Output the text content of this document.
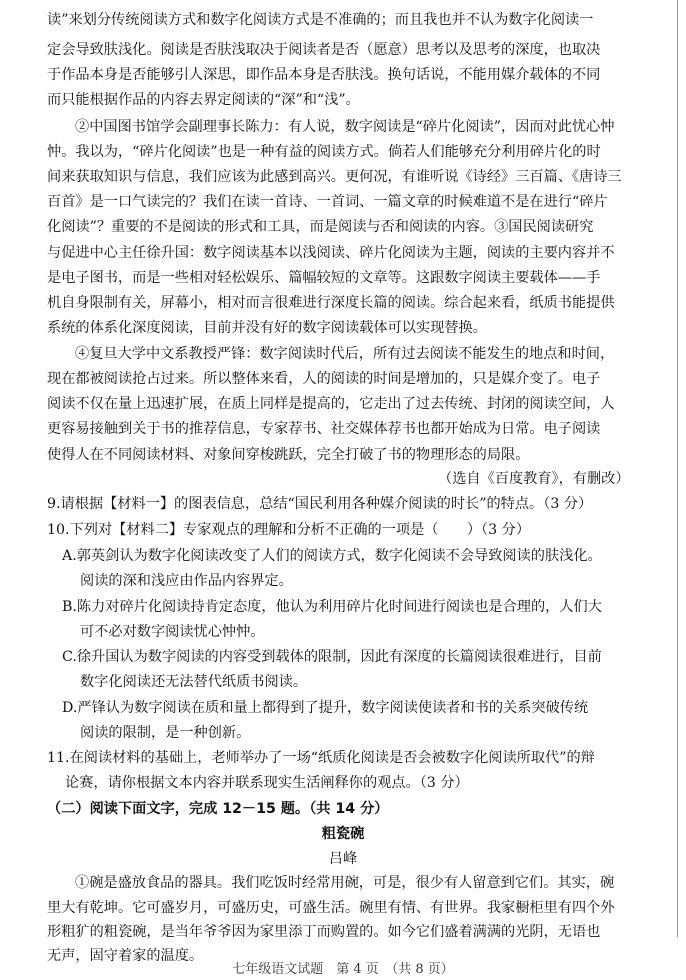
读”来划分传统阅读方式和数字化阅读方式是不准确的；而且我也并不认为数字化阅读一
定会导致肤浅化。阅读是否肤浅取决于阅读者是否（愿意）思考以及思考的深度，也取决
于作品本身是否能够引人深思，即作品本身是否肤浅。换句话说，不能用媒介载体的不同
而只能根据作品的内容去界定阅读的“深”和“浅”。
②中国图书馆学会副理事长陈力：有人说，数字阅读是“碎片化阅读”，因而对此忧心忡
忡。我以为，“碎片化阅读”也是一种有益的阅读方式。倘若人们能够充分利用碎片化的时
间来获取知识与信息，我们应该为此感到高兴。更何况，有谁听说《诗经》三百篇、《唐诗三
百首》是一口气读完的？我们在读一首诗、一首词、一篇文章的时候难道不是在进行“碎片
化阅读”？重要的不是阅读的形式和工具，而是阅读与否和阅读的内容。③国民阅读研究
与促进中心主任徐升国：数字阅读基本以浅阅读、碎片化阅读为主题，阅读的主要内容并不
是电子图书，而是一些相对轻松娱乐、篇幅较短的文章等。这跟数字阅读主要载体——手
机自身限制有关，屏幕小，相对而言很难进行深度长篇的阅读。综合起来看，纸质书能提供
系统的体系化深度阅读，目前并没有好的数字阅读载体可以实现替换。
④复旦大学中文系教授严锋：数字阅读时代后，所有过去阅读不能发生的地点和时间，
现在都被阅读抢占过来。所以整体来看，人的阅读的时间是增加的，只是媒介变了。电子
阅读不仅在量上迅速扩展，在质上同样是提高的，它走出了过去传统、封闭的阅读空间，人
更容易接触到关于书的推荐信息，专家荐书、社交媒体荐书也都开始成为日常。电子阅读
使得人在不同阅读材料、对象间穿梭跳跃，完全打破了书的物理形态的局限。
（选自《百度教育》，有删改）
9.请根据【材料一】的图表信息，总结“国民利用各种媒介阅读的时长”的特点。（3 分）
10.下列对【材料二】专家观点的理解和分析不正确的一项是（　　）（3 分）
A.郭英剑认为数字化阅读改变了人们的阅读方式，数字化阅读不会导致阅读的肤浅化。
阅读的深和浅应由作品内容界定。
B.陈力对碎片化阅读持肯定态度，他认为利用碎片化时间进行阅读也是合理的，人们大
可不必对数字阅读忧心忡忡。
C.徐升国认为数字阅读的内容受到载体的限制，因此有深度的长篇阅读很难进行，目前
数字化阅读还无法替代纸质书阅读。
D.严锋认为数字阅读在质和量上都得到了提升，数字阅读使读者和书的关系突破传统
阅读的限制，是一种创新。
11.在阅读材料的基础上，老师举办了一场“纸质化阅读是否会被数字化阅读所取代”的辩
论赛，请你根据文本内容并联系现实生活阐释你的观点。（3 分）
（二）阅读下面文字，完成 12－15 题。（共 14 分）
粗瓷碗
吕峰
①碗是盛放食品的器具。我们吃饭时经常用碗，可是，很少有人留意到它们。其实，碗
里大有乾坤。它可盛岁月，可盛历史，可盛生活。碗里有情、有世界。我家橱柜里有四个外
形粗犷的粗瓷碗，是当年爷爷因为家里添丁而购置的。如今它们盛着满满的光阴，无语也
无声，固守着家的温度。
七年级语文试题　第 4 页　（共 8 页）
